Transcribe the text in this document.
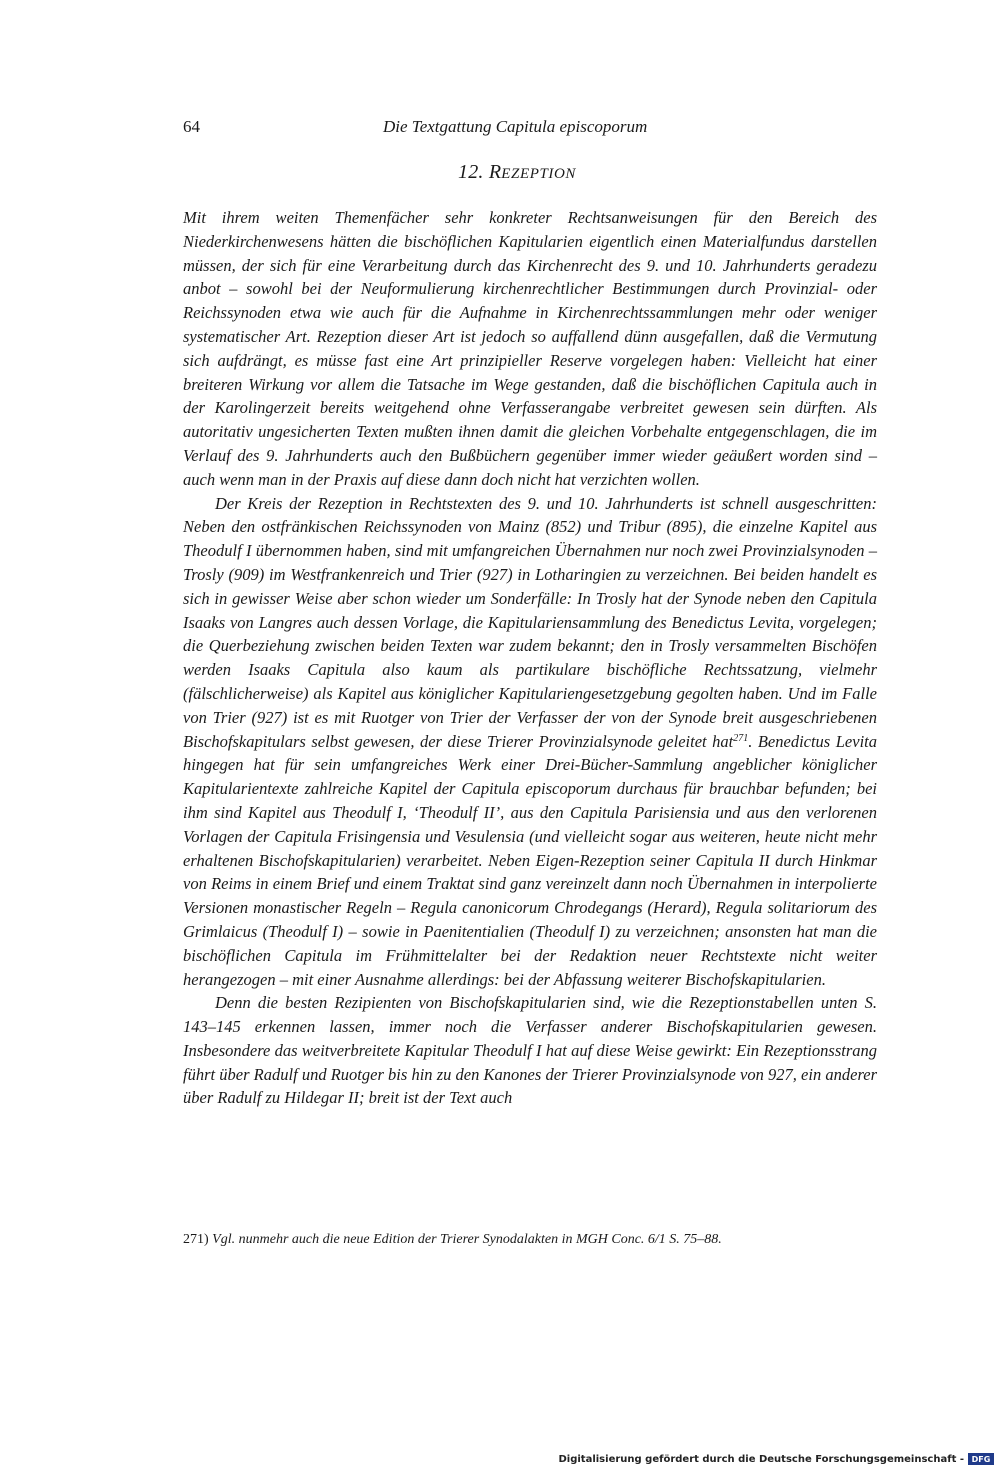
64	Die Textgattung Capitula episcoporum
12. REZEPTION

Mit ihrem weiten Themenfächer sehr konkreter Rechtsanweisungen für den Bereich des Niederkirchenwesens hätten die bischöflichen Kapitularien eigentlich einen Materialfundus darstellen müssen, der sich für eine Verarbeitung durch das Kirchenrecht des 9. und 10. Jahrhunderts geradezu anbot – sowohl bei der Neuformulierung kirchenrechtlicher Bestimmungen durch Provinzial- oder Reichssynoden etwa wie auch für die Aufnahme in Kirchenrechtssammlungen mehr oder weniger systematischer Art. Rezeption dieser Art ist jedoch so auffallend dünn ausgefallen, daß die Vermutung sich aufdrängt, es müsse fast eine Art prinzipieller Reserve vorgelegen haben: Vielleicht hat einer breiteren Wirkung vor allem die Tatsache im Wege gestanden, daß die bischöflichen Capitula auch in der Karolingerzeit bereits weitgehend ohne Verfasserangabe verbreitet gewesen sein dürften. Als autoritativ ungesicherten Texten mußten ihnen damit die gleichen Vorbehalte entgegenschlagen, die im Verlauf des 9. Jahrhunderts auch den Bußbüchern gegenüber immer wieder geäußert worden sind – auch wenn man in der Praxis auf diese dann doch nicht hat verzichten wollen.

Der Kreis der Rezeption in Rechtstexten des 9. und 10. Jahrhunderts ist schnell ausgeschritten: Neben den ostfränkischen Reichssynoden von Mainz (852) und Tribur (895), die einzelne Kapitel aus Theodulf I übernommen haben, sind mit umfangreichen Übernahmen nur noch zwei Provinzialsynoden – Trosly (909) im Westfrankenreich und Trier (927) in Lotharingien zu verzeichnen. Bei beiden handelt es sich in gewisser Weise aber schon wieder um Sonderfälle: In Trosly hat der Synode neben den Capitula Isaaks von Langres auch dessen Vorlage, die Kapitulariensammlung des Benedictus Levita, vorgelegen; die Querbeziehung zwischen beiden Texten war zudem bekannt; den in Trosly versammelten Bischöfen werden Isaaks Capitula also kaum als partikulare bischöfliche Rechtssatzung, vielmehr (fälschlicherweise) als Kapitel aus königlicher Kapitulariengesetzgebung gegolten haben. Und im Falle von Trier (927) ist es mit Ruotger von Trier der Verfasser der von der Synode breit ausgeschriebenen Bischofskapitulars selbst gewesen, der diese Trierer Provinzialsynode geleitet hat$^{271}$. Benedictus Levita hingegen hat für sein umfangreiches Werk einer Drei-Bücher-Sammlung angeblicher königlicher Kapitularientexte zahlreiche Kapitel der Capitula episcoporum durchaus für brauchbar befunden; bei ihm sind Kapitel aus Theodulf I, ‘Theodulf II’, aus den Capitula Parisiensia und aus den verlorenen Vorlagen der Capitula Frisingensia und Vesulensia (und vielleicht sogar aus weiteren, heute nicht mehr erhaltenen Bischofskapitularien) verarbeitet. Neben Eigen-Rezeption seiner Capitula II durch Hinkmar von Reims in einem Brief und einem Traktat sind ganz vereinzelt dann noch Übernahmen in interpolierte Versionen monastischer Regeln – Regula canonicorum Chrodegangs (Herard), Regula solitariorum des Grimlaicus (Theodulf I) – sowie in Paenitentialien (Theodulf I) zu verzeichnen; ansonsten hat man die bischöflichen Capitula im Frühmittelalter bei der Redaktion neuer Rechtstexte nicht weiter herangezogen – mit einer Ausnahme allerdings: bei der Abfassung weiterer Bischofskapitularien.

Denn die besten Rezipienten von Bischofskapitularien sind, wie die Rezeptionstabellen unten S. 143–145 erkennen lassen, immer noch die Verfasser anderer Bischofskapitularien gewesen. Insbesondere das weitverbreitete Kapitular Theodulf I hat auf diese Weise gewirkt: Ein Rezeptionsstrang führt über Radulf und Ruotger bis hin zu den Kanones der Trierer Provinzialsynode von 927, ein anderer über Radulf zu Hildegar II; breit ist der Text auch

271) Vgl. nunmehr auch die neue Edition der Trierer Synodalakten in MGH Conc. 6/1 S. 75–88.
Digitalisierung gefördert durch die Deutsche Forschungsgemeinschaft - DFG
